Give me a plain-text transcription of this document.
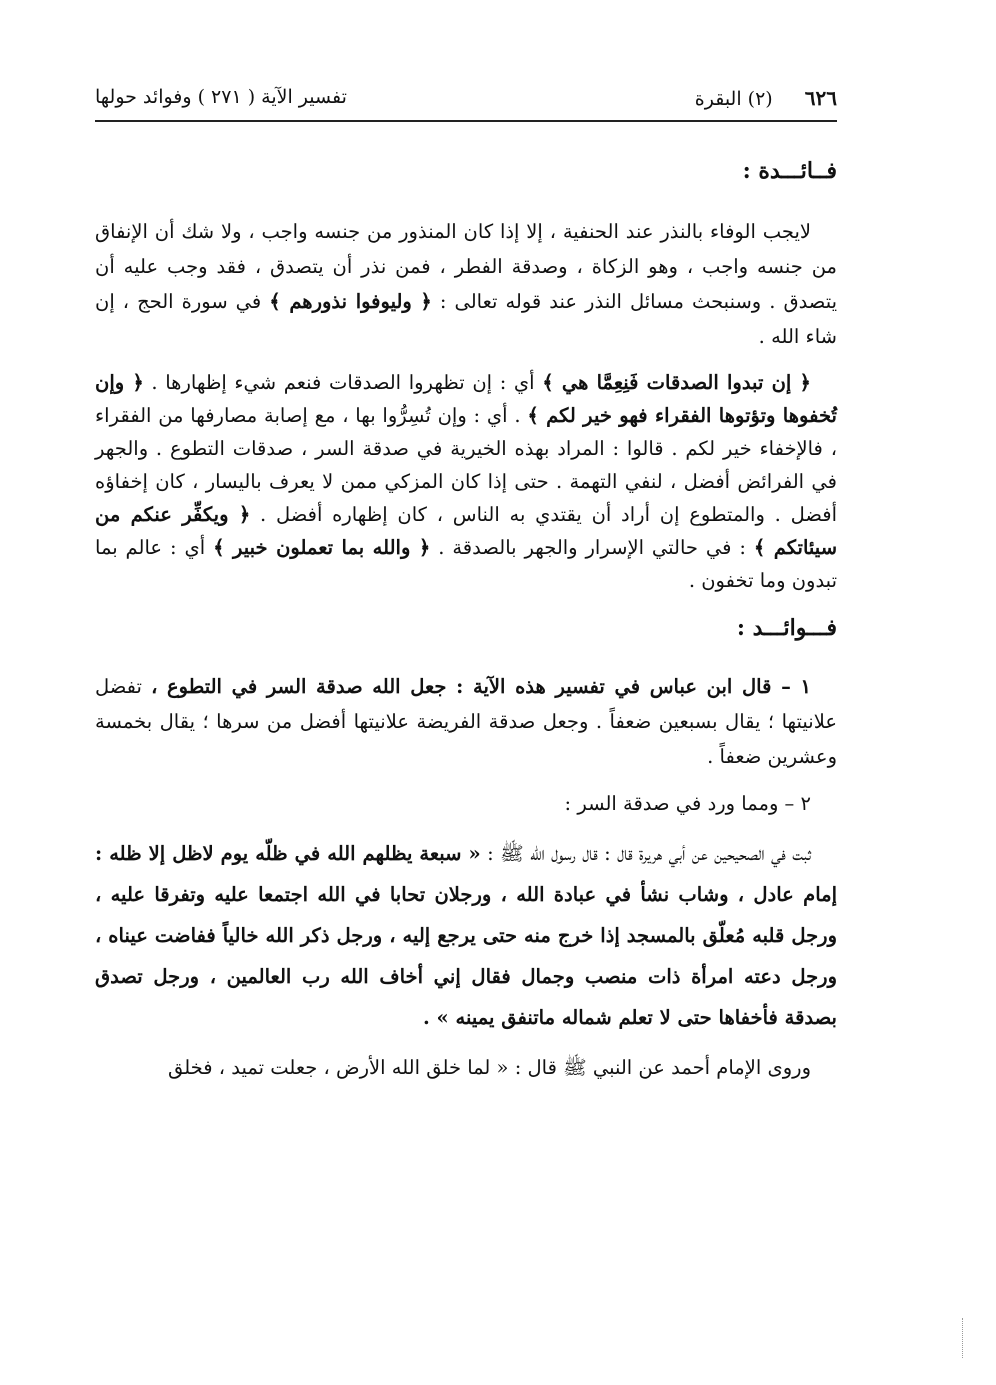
٦٢٦ (٢) البقرة
تفسير الآية ( ٢٧١ ) وفوائد حولها
فــائـــدة :

لايجب الوفاء بالنذر عند الحنفية ، إلا إذا كان المنذور من جنسه واجب ، ولا شك أن الإنفاق من جنسه واجب ، وهو الزكاة ، وصدقة الفطر ، فمن نذر أن يتصدق ، فقد وجب عليه أن يتصدق . وسنبحث مسائل النذر عند قوله تعالى : ﴿ وليوفوا نذورهم ﴾ في سورة الحج ، إن شاء الله .

﴿ إن تبدوا الصدقات فَنِعِمَّا هي ﴾ أي : إن تظهروا الصدقات فنعم شيء إظهارها . ﴿ وإن تُخفوها وتؤتوها الفقراء فهو خير لكم ﴾ . أي : وإن تُسِرُّوا بها ، مع إصابة مصارفها من الفقراء ، فالإخفاء خير لكم . قالوا : المراد بهذه الخيرية في صدقة السر ، صدقات التطوع . والجهر في الفرائض أفضل ، لنفي التهمة . حتى إذا كان المزكي ممن لا يعرف باليسار ، كان إخفاؤه أفضل . والمتطوع إن أراد أن يقتدي به الناس ، كان إظهاره أفضل . ﴿ ويكفِّر عنكم من سيئاتكم ﴾ : في حالتي الإسرار والجهر بالصدقة . ﴿ والله بما تعملون خبير ﴾ أي : عالم بما تبدون وما تخفون .

فـــوائـــد :

١ – قال ابن عباس في تفسير هذه الآية : جعل الله صدقة السر في التطوع ، تفضل علانيتها ؛ يقال بسبعين ضعفاً . وجعل صدقة الفريضة علانيتها أفضل من سرها ؛ يقال بخمسة وعشرين ضعفاً .

٢ – ومما ورد في صدقة السر :

ثبت في الصحيحين عن أبي هريرة قال : قال رسول الله ﷺ : « سبعة يظلهم الله في ظلّه يوم لاظل إلا ظله : إمام عادل ، وشاب نشأ في عبادة الله ، ورجلان تحابا في الله اجتمعا عليه وتفرقا عليه ، ورجل قلبه مُعلّق بالمسجد إذا خرج منه حتى يرجع إليه ، ورجل ذكر الله خالياً ففاضت عيناه ، ورجل دعته امرأة ذات منصب وجمال فقال إني أخاف الله رب العالمين ، ورجل تصدق بصدقة فأخفاها حتى لا تعلم شماله ماتنفق يمينه » .

وروى الإمام أحمد عن النبي ﷺ قال : « لما خلق الله الأرض ، جعلت تميد ، فخلق
